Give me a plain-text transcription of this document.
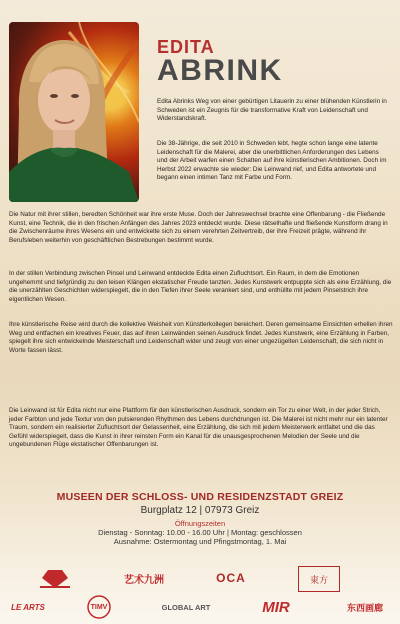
EDITA
ABRINK

Edita Abrinks Weg von einer gebürtigen Litauerin zu einer blühenden Künstlerin in Schweden ist ein Zeugnis für die transformative Kraft von Leidenschaft und Widerstandskraft.

Die 38-Jährige, die seit 2010 in Schweden lebt, hegte schon lange eine latente Leidenschaft für die Malerei, aber die unerbittlichen Anforderungen des Lebens und der Arbeit warfen einen Schatten auf ihre künstlerischen Ambitionen. Doch im Herbst 2022 erwachte sie wieder: Die Leinwand rief, und Edita antwortete und begann einen intimen Tanz mit Farbe und Form.

Die Natur mit ihrer stillen, beredten Schönheit war ihre erste Muse. Doch der Jahreswechsel brachte eine Offenbarung - die Fließende Kunst, eine Technik, die in den frischen Anfängen des Jahres 2023 entdeckt wurde. Diese rätselhafte und fließende Kunstform drang in die Zwischenräume ihres Wesens ein und entwickelte sich zu einem verehrten Zeitvertreib, der ihre Freizeit prägte, während ihr Berufsleben weiterhin von geschäftlichen Bestrebungen bestimmt wurde.

In der stillen Verbindung zwischen Pinsel und Leinwand entdeckte Edita einen Zufluchtsort. Ein Raum, in dem die Emotionen ungehemmt und tiefgründig zu den leisen Klängen ekstatischer Freude tanzten. Jedes Kunstwerk entpuppte sich als eine Erzählung, die die unerzählten Geschichten widerspiegelt, die in den Tiefen ihrer Seele verankert sind, und enthüllte mit jedem Pinselstrich ihre eigentlichen Wesen.

Ihre künstlerische Reise wird durch die kollektive Weisheit von Künstlerkollegen bereichert. Deren gemeinsame Einsichten erhellen ihren Weg und entfachen ein kreatives Feuer, das auf ihren Leinwänden seinen Ausdruck findet. Jedes Kunstwerk, eine Erzählung in Farben, spiegelt ihre sich entwickelnde Meisterschaft und Leidenschaft wider und zeugt von einer ungezügelten Leidenschaft, die sich nicht in Worte fassen lässt.

Die Leinwand ist für Edita nicht nur eine Plattform für den künstlerischen Ausdruck, sondern ein Tor zu einer Welt, in der jeder Strich, jeder Farbton und jede Textur von den pulsierenden Rhythmen des Lebens durchdrungen ist. Die Malerei ist nicht mehr nur ein latenter Traum, sondern ein realisierter Zufluchtsort der Gelassenheit, eine Erzählung, die sich mit jedem Meisterwerk entfaltet und die das Gefühl widerspiegelt, dass die Kunst in ihrer reinsten Form ein Kanal für die unausgesprochenen Melodien der Seele und die ungebundenen Flüge ekstatischer Offenbarungen ist.

MUSEEN DER SCHLOSS- UND RESIDENZSTADT GREIZ
Burgplatz 12 | 07973 Greiz
Öffnungszeiten
Dienstag - Sonntag: 10.00 - 16.00 Uhr | Montag: geschlossen
Ausnahme: Ostermontag und Pfingstmontag, 1. Mai
艺术九洲	OCA	東方
LE ARTS	TIMV	GLOBAL ART	MIR	东西画廊
